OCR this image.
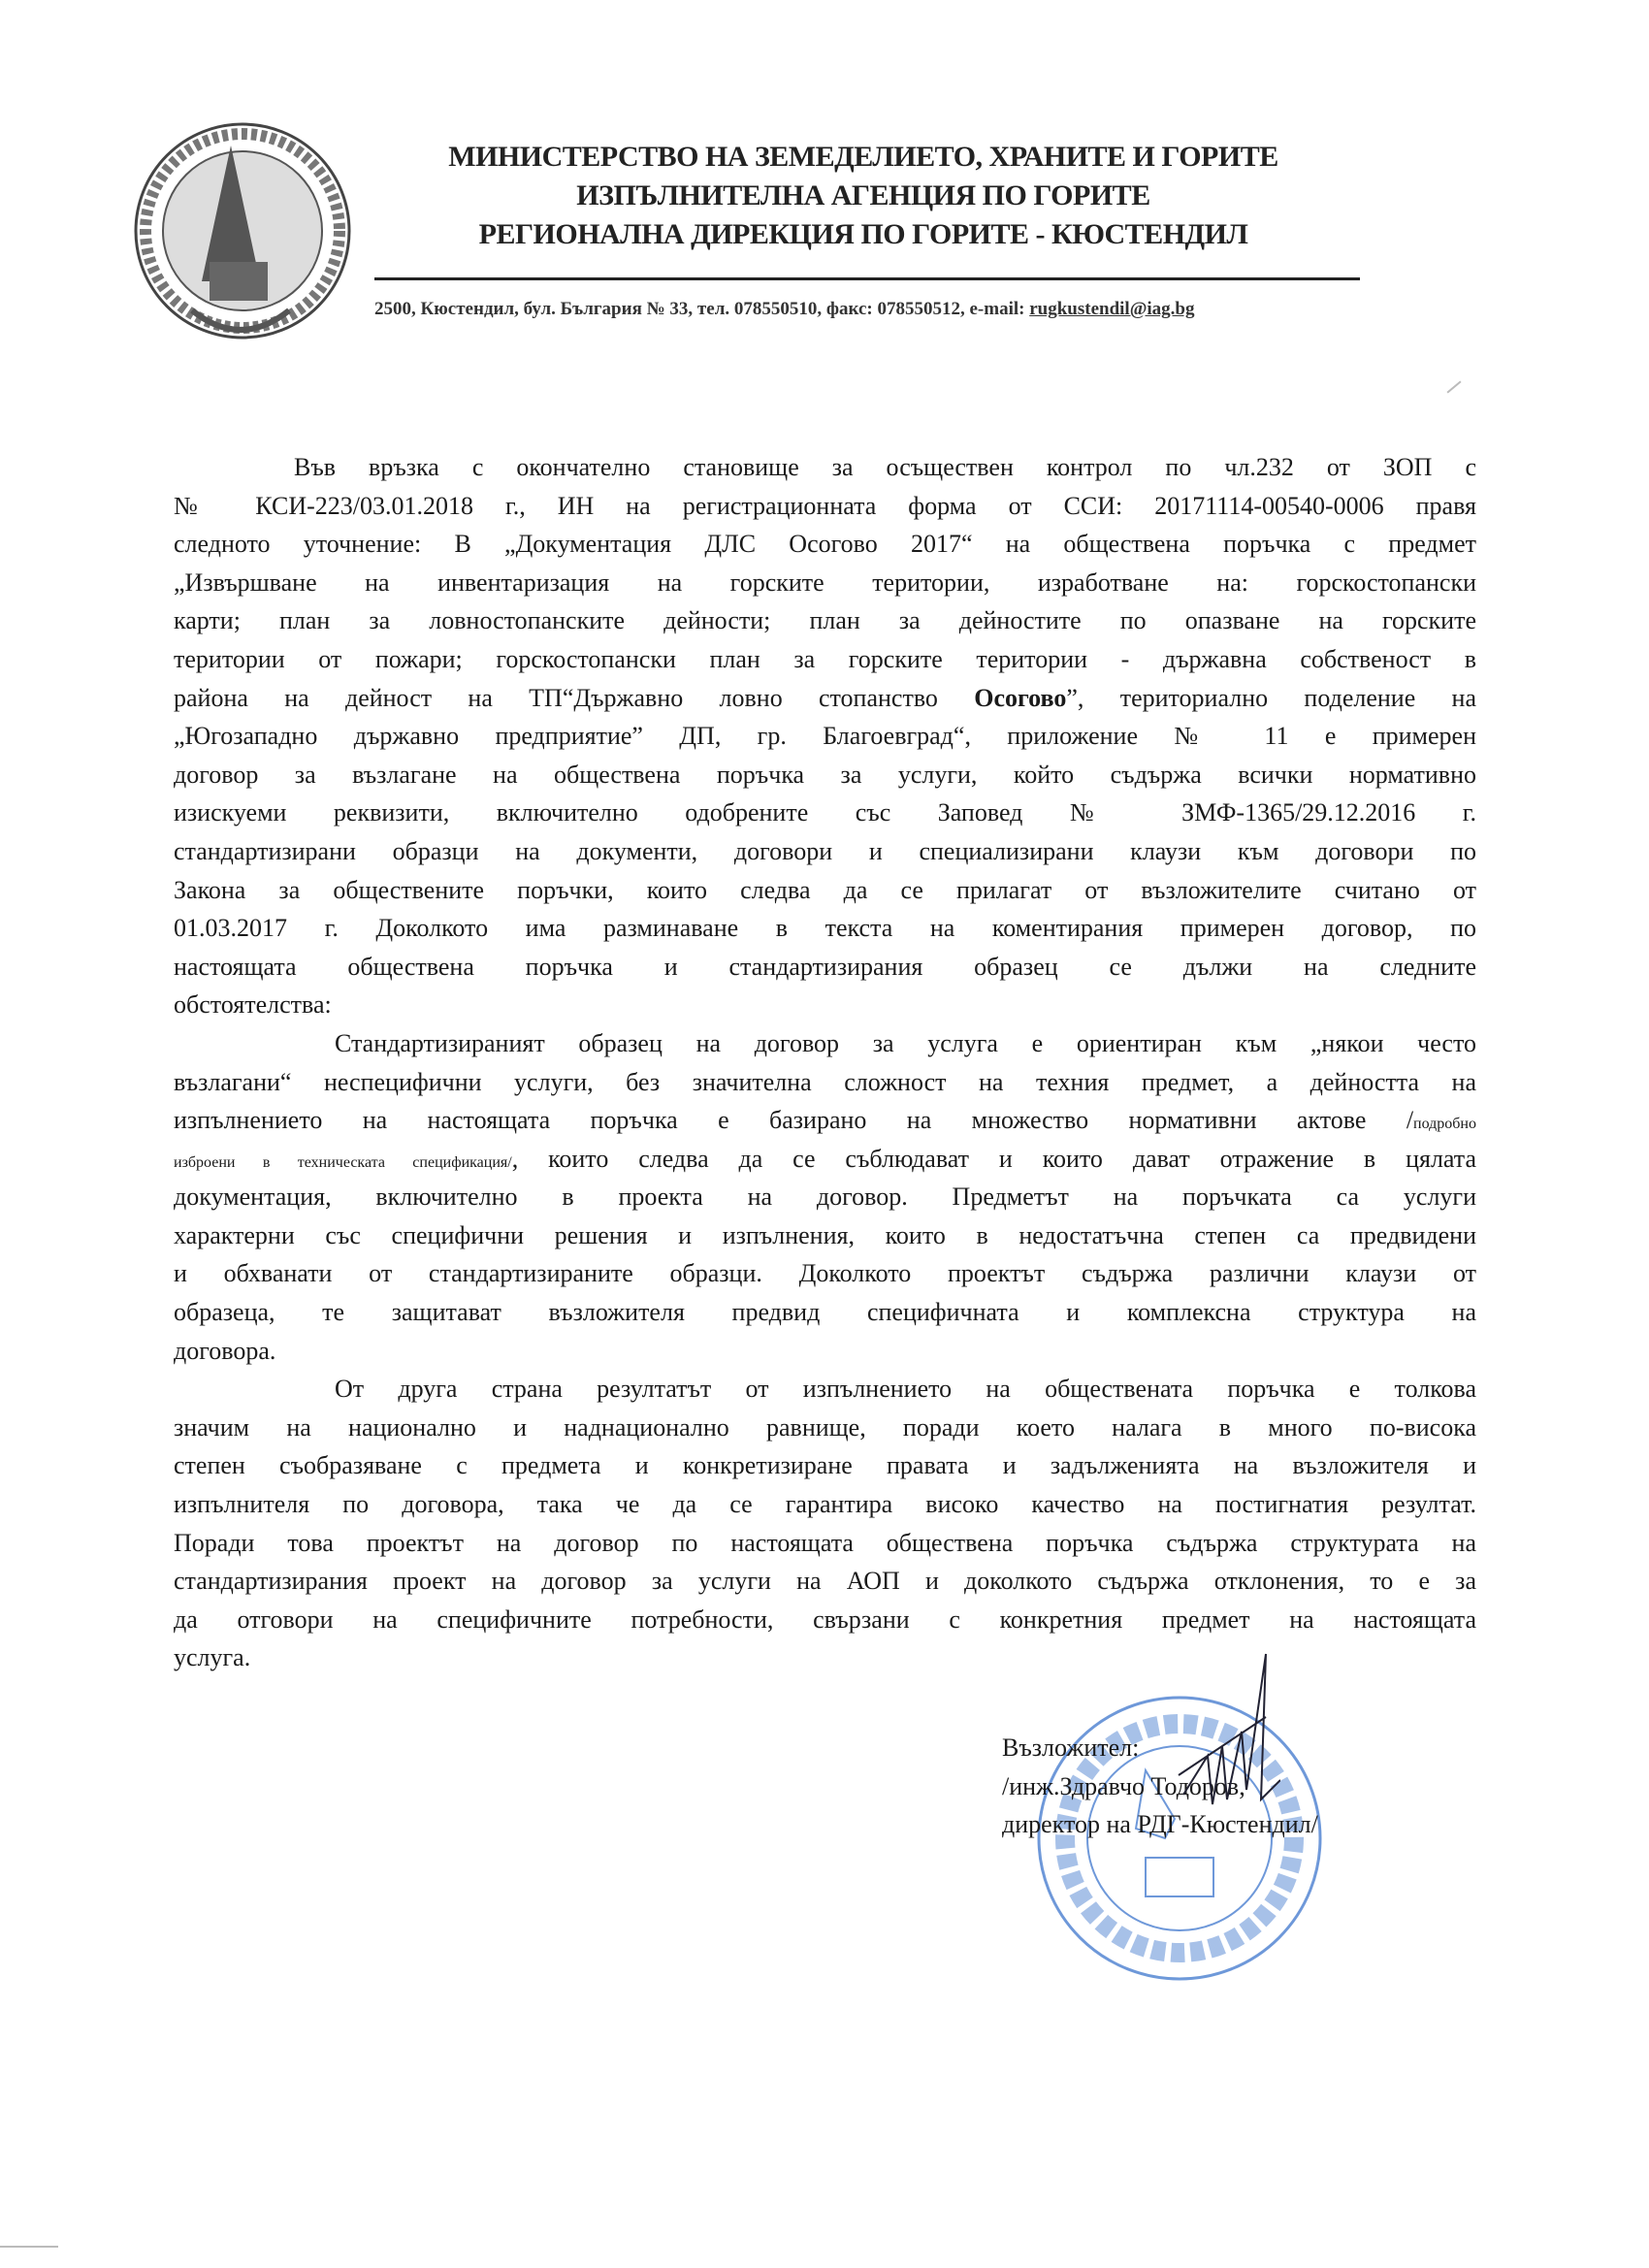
МИНИСТЕРСТВО НА ЗЕМЕДЕЛИЕТО, ХРАНИТЕ И ГОРИТЕ
ИЗПЪЛНИТЕЛНА АГЕНЦИЯ ПО ГОРИТЕ
РЕГИОНАЛНА ДИРЕКЦИЯ ПО ГОРИТЕ - КЮСТЕНДИЛ
2500, Кюстендил, бул. България № 33, тел. 078550510, факс: 078550512, e-mail: rugkustendil@iag.bg
Във връзка с окончателно становище за осъществен контрол по чл.232 от ЗОП с
№ КСИ-223/03.01.2018 г., ИН на регистрационната форма от ССИ: 20171114-00540-0006 правя
следното уточнение: В „Документация ДЛС Осогово 2017“ на обществена поръчка с предмет
„Извършване на инвентаризация на горските територии, изработване на: горскостопански
карти; план за ловностопанските дейности; план за дейностите по опазване на горските
територии от пожари; горскостопански план за горските територии - държавна собственост в
района на дейност на ТП“Държавно ловно стопанство Осогово”, териториално поделение на
„Югозападно държавно предприятие” ДП, гр. Благоевград“, приложение № 11 е примерен
договор за възлагане на обществена поръчка за услуги, който съдържа всички нормативно
изискуеми реквизити, включително одобрените със Заповед № ЗМФ-1365/29.12.2016 г.
стандартизирани образци на документи, договори и специализирани клаузи към договори по
Закона за обществените поръчки, които следва да се прилагат от възложителите считано от
01.03.2017 г. Доколкото има разминаване в текста на коментирания примерен договор, по
настоящата обществена поръчка и стандартизирания образец се дължи на следните
обстоятелства:
Стандартизираният образец на договор за услуга е ориентиран към „някои често
възлагани“ неспецифични услуги, без значителна сложност на техния предмет, а дейността на
изпълнението на настоящата поръчка е базирано на множество нормативни актове /подробно
изброени в техническата спецификация/, които следва да се съблюдават и които дават отражение в цялата
документация, включително в проекта на договор. Предметът на поръчката са услуги
характерни със специфични решения и изпълнения, които в недостатъчна степен са предвидени
и обхванати от стандартизираните образци. Доколкото проектът съдържа различни клаузи от
образеца, те защитават възложителя предвид специфичната и комплексна структура на
договора.
От друга страна резултатът от изпълнението на обществената поръчка е толкова
значим на национално и наднационално равнище, поради което налага в много по-висока
степен съобразяване с предмета и конкретизиране правата и задълженията на възложителя и
изпълнителя по договора, така че да се гарантира високо качество на постигнатия резултат.
Поради това проектът на договор по настоящата обществена поръчка съдържа структурата на
стандартизирания проект на договор за услуги на АОП и доколкото съдържа отклонения, то е за
да отговори на специфичните потребности, свързани с конкретния предмет на настоящата
услуга.
Възложител:
/инж.Здравчо Тодоров,
директор на РДГ-Кюстендил/
